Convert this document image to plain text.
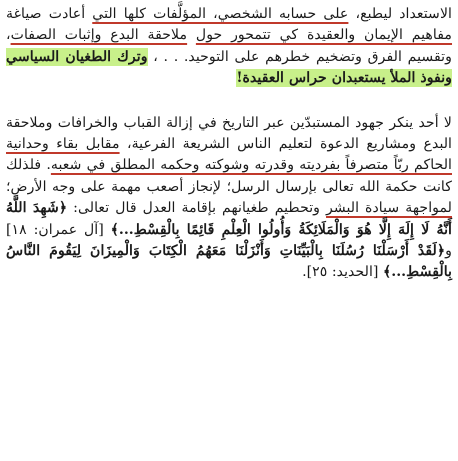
الاستعداد ليطبع، على حسابه الشخصي، المؤلَّفات كلها التي أعادت صياغة مفاهيم الإيمان والعقيدة كي تتمحور حول ملاحقة البدع وإثبات الصفات، وتقسيم الفرق وتضخيم خطرهم على التوحيد. . . ، وترك الطغيان السياسي ونفوذ الملأ يستعبدان حراس العقيدة!

لا أحد ينكر جهود المستبدّين عبر التاريخ في إزالة القباب والخرافات وملاحقة البدع ومشاريع الدعوة لتعليم الناس الشريعة الفرعية، مقابل بقاء وحدانية الحاكم ربّاً متصرفاً بفرديته وقدرته وشوكته وحكمه المطلق في شعبه. فلذلك كانت حكمة الله تعالى بإرسال الرسل؛ لإنجاز أصعب مهمة على وجه الأرض؛ لمواجهة سيادة البشر وتحطيم طغيانهم بإقامة العدل قال تعالى: ﴿شَهِدَ اللَّهُ أَنَّهُ لَا إِلَهَ إِلَّا هُوَ وَالْمَلَائِكَةُ وَأُولُوا الْعِلْمِ قَائِمًا بِالْقِسْطِ...﴾ [آل عمران: ١٨] و﴿لَقَدْ أَرْسَلْنَا رُسُلَنَا بِالْبَيِّنَاتِ وَأَنْزَلْنَا مَعَهُمُ الْكِتَابَ وَالْمِيزَانَ لِيَقُومَ النَّاسُ بِالْقِسْطِ...﴾ [الحديد: ٢٥].
